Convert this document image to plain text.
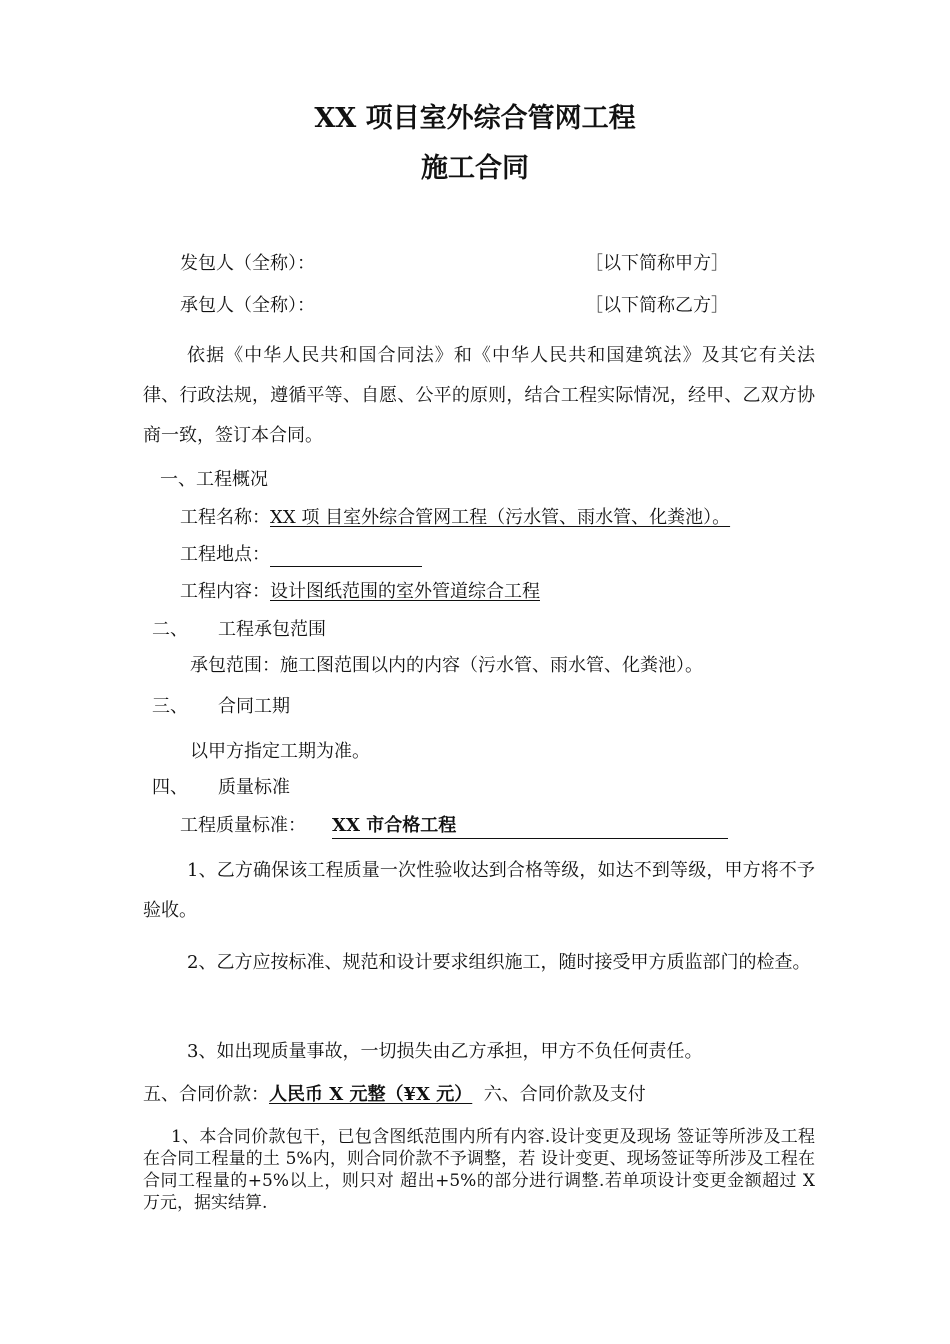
XX 项目室外综合管网工程
施工合同
发包人（全称）：	［以下简称甲方］
承包人（全称）：	［以下简称乙方］
依据《中华人民共和国合同法》和《中华人民共和国建筑法》及其它有关法律、行政法规，遵循平等、自愿、公平的原则，结合工程实际情况，经甲、乙双方协商一致，签订本合同。
一、工程概况
工程名称：XX 项 目室外综合管网工程（污水管、雨水管、化粪池）。
工程地点：
工程内容：设计图纸范围的室外管道综合工程
二、 工程承包范围
承包范围：施工图范围以内的内容（污水管、雨水管、化粪池）。
三、 合同工期
以甲方指定工期为准。
四、 质量标准
工程质量标准： XX 市合格工程
1、乙方确保该工程质量一次性验收达到合格等级，如达不到等级，甲方将不予验收。
2、乙方应按标准、规范和设计要求组织施工，随时接受甲方质监部门的检查。
3、如出现质量事故，一切损失由乙方承担，甲方不负任何责任。
五、合同价款：人民币 X 元整（¥X 元） 六、合同价款及支付
1、本合同价款包干，已包含图纸范围内所有内容.设计变更及现场 签证等所涉及工程在合同工程量的土 5%内，则合同价款不予调整，若 设计变更、现场签证等所涉及工程在合同工程量的+5%以上，则只对 超出+5%的部分进行调整.若单项设计变更金额超过 X 万元，据实结算.
